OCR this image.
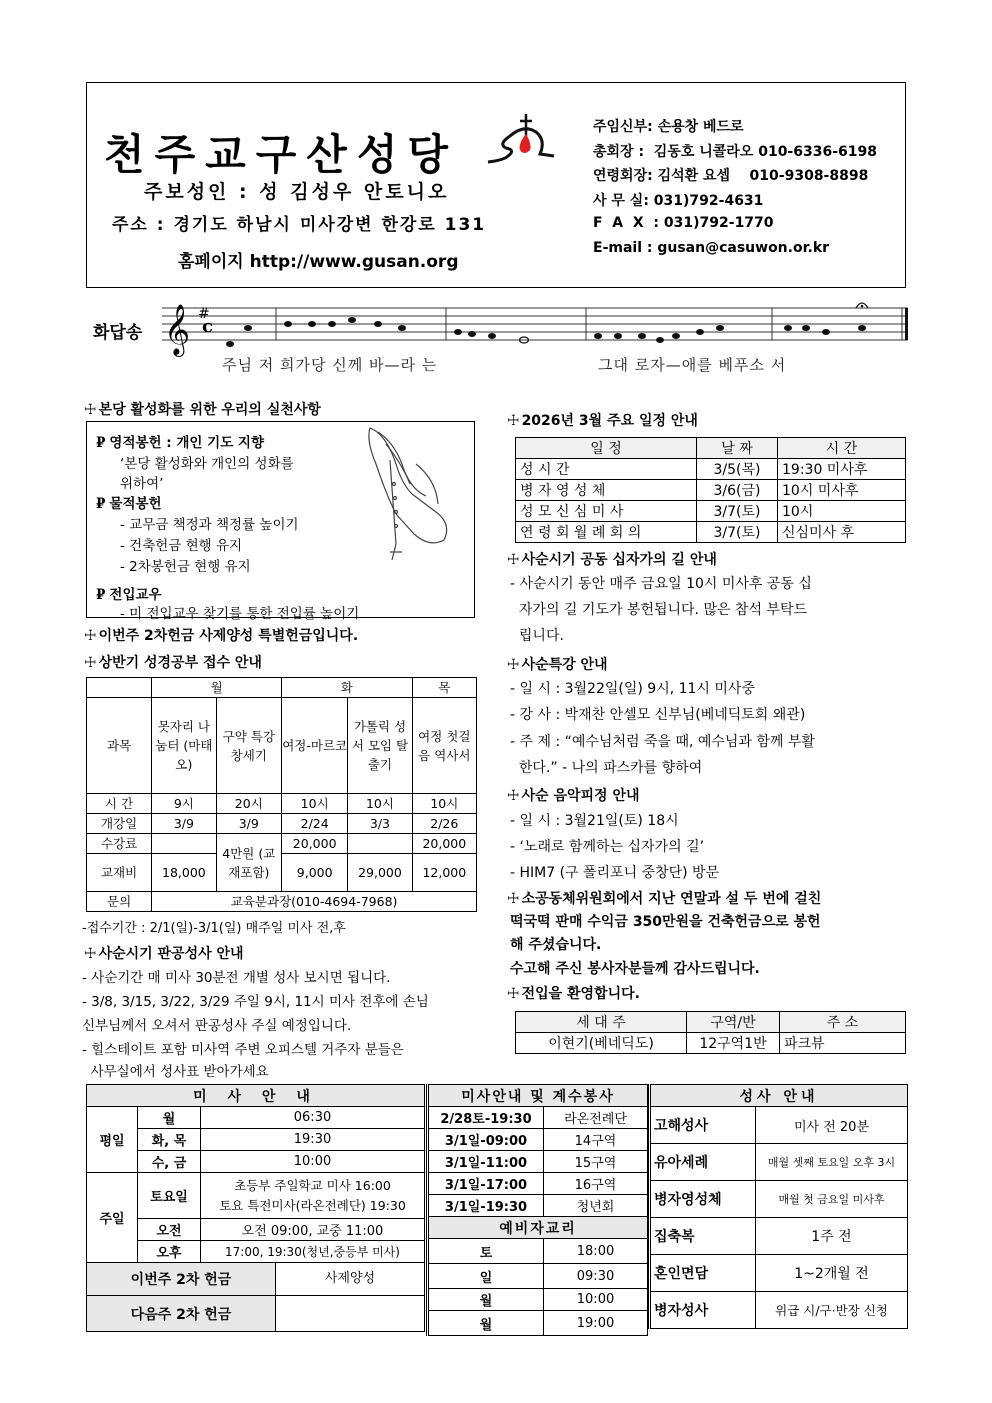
천주교구산성당
주보성인 : 성 김성우 안토니오
주소 : 경기도 하남시 미사강변 한강로 131
홈페이지 http://www.gusan.org
주임신부: 손용창 베드로
총회장 :  김동호 니콜라오 010-6336-6198
연령회장: 김석환 요셉    010-9308-8898
사 무 실: 031)792-4631
F  A  X  : 031)792-1770
E-mail : gusan@casuwon.or.kr
화답송 𝄞 #
c
주님 저 희가당 신께 바—라 는	그대 로자—애를 베푸소 서
☩ 본당 활성화를 위한 우리의 실천사항
₽ 영적봉헌 : 개인 기도 지향
‘본당 활성화와 개인의 성화를
위하여’
₽ 물적봉헌
- 교무금 책정과 책정률 높이기
- 건축헌금 현행 유지
- 2차봉헌금 현행 유지
₽ 전입교우
- 미 전입교우 찾기를 통한 전입률 높이기
☩ 이번주 2차헌금 사제양성 특별헌금입니다.
☩ 상반기 성경공부 접수 안내
	월		화		목
과목	못자리 나눔터 (마태오)	구약 특강 창세기	여정-마르코	가톨릭 성서 모임 탈출기	여정 첫걸음 역사서
시 간	9시	20시	10시	10시	10시
개강일	3/9	3/9	2/24	3/3	2/26
수강료		4만원 (교재포함)	20,000		20,000
교재비	18,000		9,000	29,000	12,000
문의	교육분과장(010-4694-7968)				
-접수기간 : 2/1(일)-3/1(일) 매주일 미사 전,후
☩ 사순시기 판공성사 안내
- 사순기간 매 미사 30분전 개별 성사 보시면 됩니다.
- 3/8, 3/15, 3/22, 3/29 주일 9시, 11시 미사 전후에 손님
신부님께서 오셔서 판공성사 주실 예정입니다.
- 힐스테이트 포함 미사역 주변 오피스텔 거주자 분들은
사무실에서 성사표 받아가세요
☩ 2026년 3월 주요 일정 안내
일 정	날 짜	시 간
성 시 간	3/5(목)	19:30 미사후
병 자 영 성 체	3/6(금)	10시 미사후
성 모 신 심 미 사	3/7(토)	10시
연 령 회 월 례 회 의	3/7(토)	신심미사 후
☩ 사순시기 공동 십자가의 길 안내
- 사순시기 동안 매주 금요일 10시 미사후 공동 십
자가의 길 기도가 봉헌됩니다. 많은 참석 부탁드
립니다.
☩ 사순특강 안내
- 일 시 : 3월22일(일) 9시, 11시 미사중
- 강 사 : 박재찬 안셀모 신부님(베네딕토회 왜관)
- 주 제 : “예수님처럼 죽을 때, 예수님과 함께 부활
한다.” - 나의 파스카를 향하여
☩ 사순 음악피정 안내
- 일 시 : 3월21일(토) 18시
- ‘노래로 함께하는 십자가의 길’
- HIM7 (구 폴리포니 중창단) 방문
☩ 소공동체위원회에서 지난 연말과 설 두 번에 걸친
떡국떡 판매 수익금 350만원을 건축헌금으로 봉헌
해 주셨습니다.
수고해 주신 봉사자분들께 감사드립니다.
☩ 전입을 환영합니다.
세 대 주	구역/반	주 소
이현기(베네딕도)	12구역1반	파크뷰
미 사 안 내			
평일	월	06:30	
	화, 목	19:30	
	수, 금	10:00	
주일	토요일	초등부 주일학교 미사 16:00
토요 특전미사(라온전례단) 19:30	

	오전	오전 09:00, 교중 11:00	
	오후	17:00, 19:30(청년,중등부 미사)	
이번주 2차 헌금			사제양성
다음주 2차 헌금			
미사안내 및 계수봉사	
2/28토-19:30	라온전례단
3/1일-09:00	14구역
3/1일-11:00	15구역
3/1일-17:00	16구역
3/1일-19:30	청년회
예비자교리	
토	18:00
일	09:30
월	10:00
월	19:00
성사 안내	
고해성사	미사 전 20분
유아세례	매월 셋째 토요일 오후 3시
병자영성체	매월 첫 금요일 미사후
집축복	1주 전
혼인면담	1~2개월 전
병자성사	위급 시/구·반장 신청
